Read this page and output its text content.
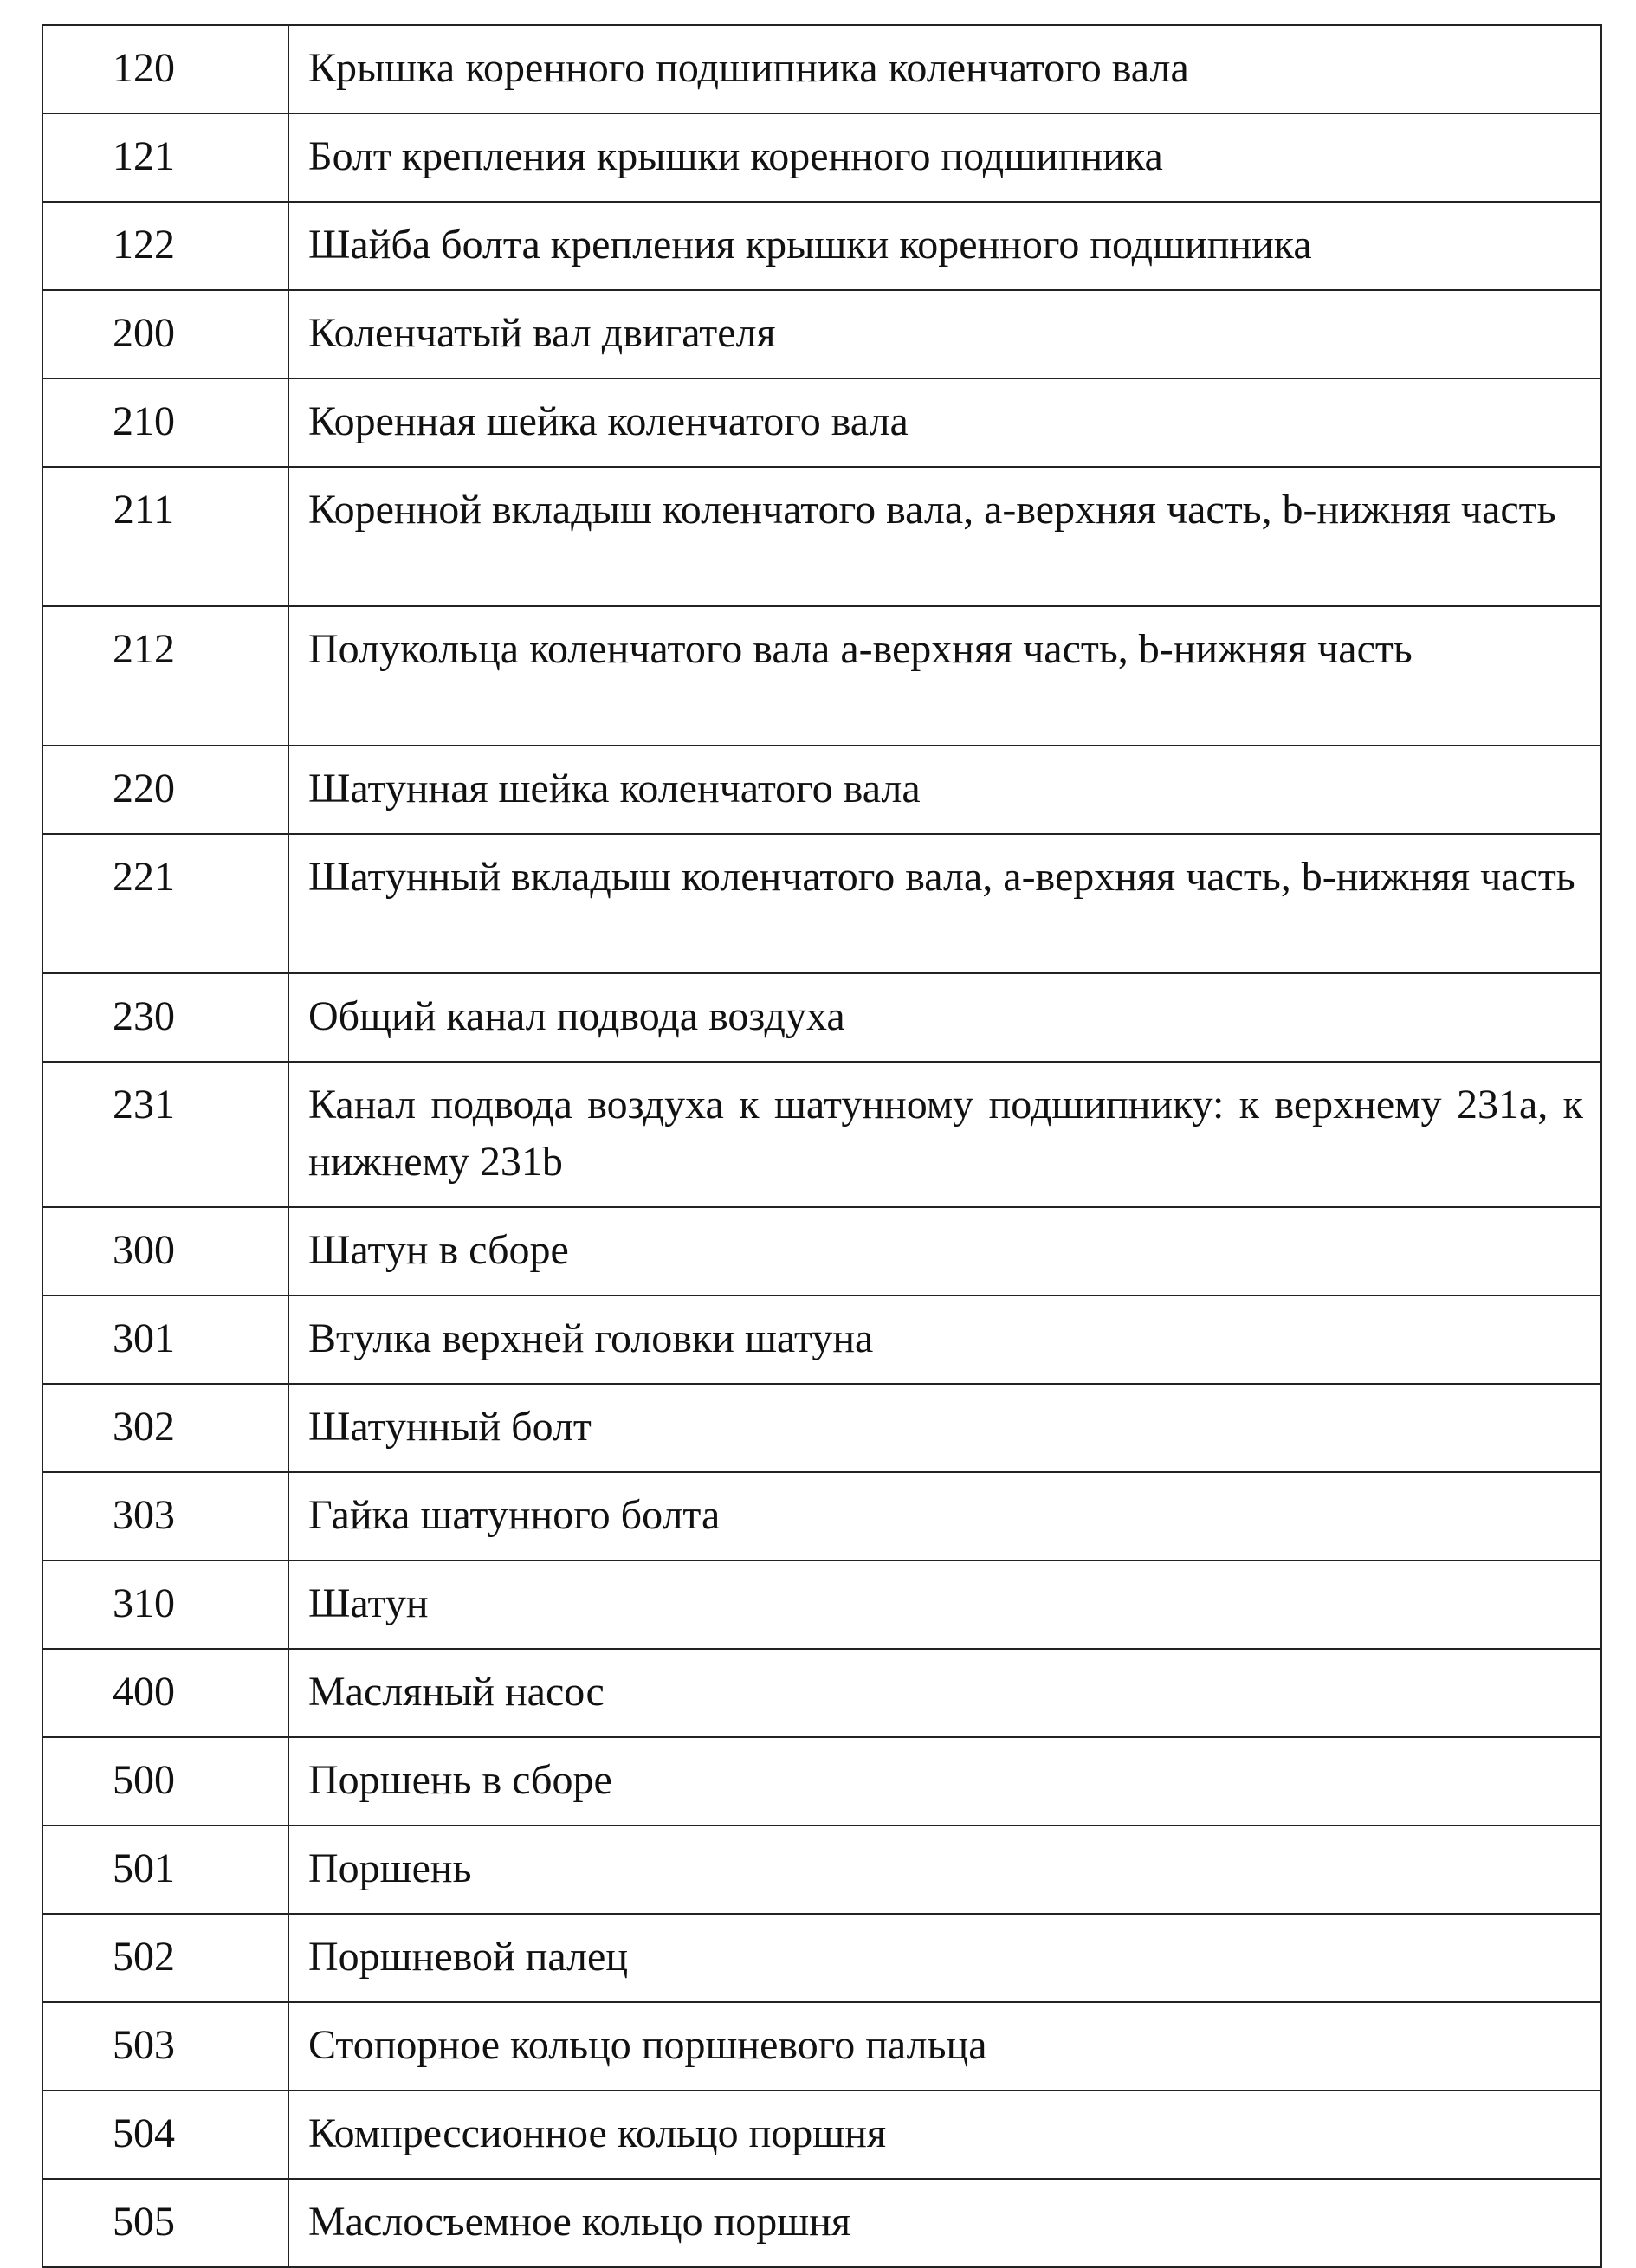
120	Крышка коренного подшипника коленчатого вала
121	Болт крепления крышки коренного подшипника
122	Шайба болта крепления крышки коренного подшипника
200	Коленчатый вал двигателя
210	Коренная шейка коленчатого вала
211	Коренной вкладыш коленчатого вала, а-верхняя часть, b-нижняя часть
212	Полукольца коленчатого вала а-верхняя часть, b-нижняя часть
220	Шатунная шейка коленчатого вала
221	Шатунный вкладыш коленчатого вала, а-верхняя часть, b-нижняя часть
230	Общий канал подвода воздуха
231	Канал подвода воздуха к шатунному подшипнику: к верхнему 231а, к нижнему 231b
300	Шатун в сборе
301	Втулка верхней головки шатуна
302	Шатунный болт
303	Гайка шатунного болта
310	Шатун
400	Масляный насос
500	Поршень в сборе
501	Поршень
502	Поршневой палец
503	Стопорное кольцо поршневого пальца
504	Компрессионное кольцо поршня
505	Маслосъемное кольцо поршня
